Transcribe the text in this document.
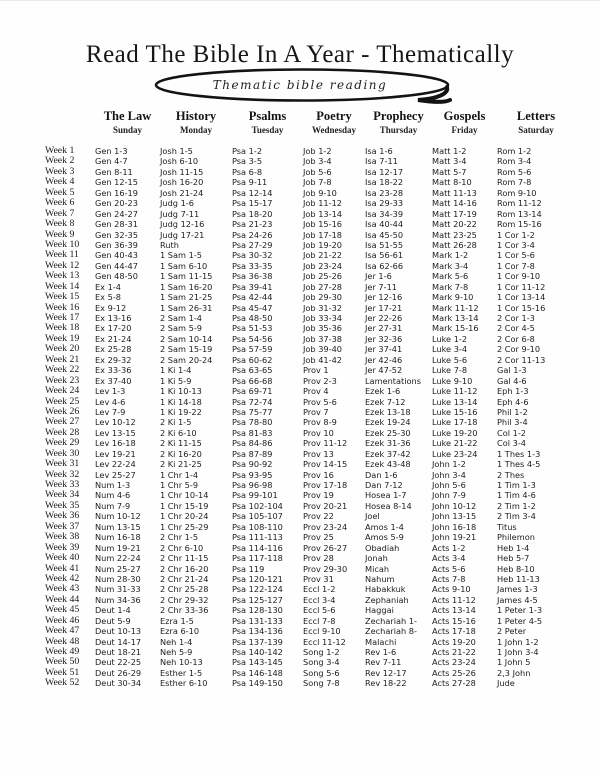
Read The Bible In A Year - Thematically
Thematic bible reading
The Law
Sunday
History
Monday
Psalms
Tuesday
Poetry
Wednesday
Prophecy
Thursday
Gospels
Friday
Letters
Saturday
Week 1	Gen 1-3	Josh 1-5	Psa 1-2	Job 1-2	Isa 1-6	Matt 1-2	Rom 1-2
Week 2	Gen 4-7	Josh 6-10	Psa 3-5	Job 3-4	Isa 7-11	Matt 3-4	Rom 3-4
Week 3	Gen 8-11	Josh 11-15	Psa 6-8	Job 5-6	Isa 12-17	Matt 5-7	Rom 5-6
Week 4	Gen 12-15	Josh 16-20	Psa 9-11	Job 7-8	Isa 18-22	Matt 8-10	Rom 7-8
Week 5	Gen 16-19	Josh 21-24	Psa 12-14	Job 9-10	Isa 23-28	Matt 11-13	Rom 9-10
Week 6	Gen 20-23	Judg 1-6	Psa 15-17	Job 11-12	Isa 29-33	Matt 14-16	Rom 11-12
Week 7	Gen 24-27	Judg 7-11	Psa 18-20	Job 13-14	Isa 34-39	Matt 17-19	Rom 13-14
Week 8	Gen 28-31	Judg 12-16	Psa 21-23	Job 15-16	Isa 40-44	Matt 20-22	Rom 15-16
Week 9	Gen 32-35	Judg 17-21	Psa 24-26	Job 17-18	Isa 45-50	Matt 23-25	1 Cor 1-2
Week 10	Gen 36-39	Ruth	Psa 27-29	Job 19-20	Isa 51-55	Matt 26-28	1 Cor 3-4
Week 11	Gen 40-43	1 Sam 1-5	Psa 30-32	Job 21-22	Isa 56-61	Mark 1-2	1 Cor 5-6
Week 12	Gen 44-47	1 Sam 6-10	Psa 33-35	Job 23-24	Isa 62-66	Mark 3-4	1 Cor 7-8
Week 13	Gen 48-50	1 Sam 11-15	Psa 36-38	Job 25-26	Jer 1-6	Mark 5-6	1 Cor 9-10
Week 14	Ex 1-4	1 Sam 16-20	Psa 39-41	Job 27-28	Jer 7-11	Mark 7-8	1 Cor 11-12
Week 15	Ex 5-8	1 Sam 21-25	Psa 42-44	Job 29-30	Jer 12-16	Mark 9-10	1 Cor 13-14
Week 16	Ex 9-12	1 Sam 26-31	Psa 45-47	Job 31-32	Jer 17-21	Mark 11-12	1 Cor 15-16
Week 17	Ex 13-16	2 Sam 1-4	Psa 48-50	Job 33-34	Jer 22-26	Mark 13-14	2 Cor 1-3
Week 18	Ex 17-20	2 Sam 5-9	Psa 51-53	Job 35-36	Jer 27-31	Mark 15-16	2 Cor 4-5
Week 19	Ex 21-24	2 Sam 10-14	Psa 54-56	Job 37-38	Jer 32-36	Luke 1-2	2 Cor 6-8
Week 20	Ex 25-28	2 Sam 15-19	Psa 57-59	Job 39-40	Jer 37-41	Luke 3-4	2 Cor 9-10
Week 21	Ex 29-32	2 Sam 20-24	Psa 60-62	Job 41-42	Jer 42-46	Luke 5-6	2 Cor 11-13
Week 22	Ex 33-36	1 Ki 1-4	Psa 63-65	Prov 1	Jer 47-52	Luke 7-8	Gal 1-3
Week 23	Ex 37-40	1 Ki 5-9	Psa 66-68	Prov 2-3	Lamentations	Luke 9-10	Gal 4-6
Week 24	Lev 1-3	1 Ki 10-13	Psa 69-71	Prov 4	Ezek 1-6	Luke 11-12	Eph 1-3
Week 25	Lev 4-6	1 Ki 14-18	Psa 72-74	Prov 5-6	Ezek 7-12	Luke 13-14	Eph 4-6
Week 26	Lev 7-9	1 Ki 19-22	Psa 75-77	Prov 7	Ezek 13-18	Luke 15-16	Phil 1-2
Week 27	Lev 10-12	2 Ki 1-5	Psa 78-80	Prov 8-9	Ezek 19-24	Luke 17-18	Phil 3-4
Week 28	Lev 13-15	2 Ki 6-10	Psa 81-83	Prov 10	Ezek 25-30	Luke 19-20	Col 1-2
Week 29	Lev 16-18	2 Ki 11-15	Psa 84-86	Prov 11-12	Ezek 31-36	Luke 21-22	Col 3-4
Week 30	Lev 19-21	2 Ki 16-20	Psa 87-89	Prov 13	Ezek 37-42	Luke 23-24	1 Thes 1-3
Week 31	Lev 22-24	2 Ki 21-25	Psa 90-92	Prov 14-15	Ezek 43-48	John 1-2	1 Thes 4-5
Week 32	Lev 25-27	1 Chr 1-4	Psa 93-95	Prov 16	Dan 1-6	John 3-4	2 Thes
Week 33	Num 1-3	1 Chr 5-9	Psa 96-98	Prov 17-18	Dan 7-12	John 5-6	1 Tim 1-3
Week 34	Num 4-6	1 Chr 10-14	Psa 99-101	Prov 19	Hosea 1-7	John 7-9	1 Tim 4-6
Week 35	Num 7-9	1 Chr 15-19	Psa 102-104	Prov 20-21	Hosea 8-14	John 10-12	2 Tim 1-2
Week 36	Num 10-12	1 Chr 20-24	Psa 105-107	Prov 22	Joel	John 13-15	2 Tim 3-4
Week 37	Num 13-15	1 Chr 25-29	Psa 108-110	Prov 23-24	Amos 1-4	John 16-18	Titus
Week 38	Num 16-18	2 Chr 1-5	Psa 111-113	Prov 25	Amos 5-9	John 19-21	Philemon
Week 39	Num 19-21	2 Chr 6-10	Psa 114-116	Prov 26-27	Obadiah	Acts 1-2	Heb 1-4
Week 40	Num 22-24	2 Chr 11-15	Psa 117-118	Prov 28	Jonah	Acts 3-4	Heb 5-7
Week 41	Num 25-27	2 Chr 16-20	Psa 119	Prov 29-30	Micah	Acts 5-6	Heb 8-10
Week 42	Num 28-30	2 Chr 21-24	Psa 120-121	Prov 31	Nahum	Acts 7-8	Heb 11-13
Week 43	Num 31-33	2 Chr 25-28	Psa 122-124	Eccl 1-2	Habakkuk	Acts 9-10	James 1-3
Week 44	Num 34-36	2 Chr 29-32	Psa 125-127	Eccl 3-4	Zephaniah	Acts 11-12	James 4-5
Week 45	Deut 1-4	2 Chr 33-36	Psa 128-130	Eccl 5-6	Haggai	Acts 13-14	1 Peter 1-3
Week 46	Deut 5-9	Ezra 1-5	Psa 131-133	Eccl 7-8	Zechariah 1-	Acts 15-16	1 Peter 4-5
Week 47	Deut 10-13	Ezra 6-10	Psa 134-136	Eccl 9-10	Zechariah 8-	Acts 17-18	2 Peter
Week 48	Deut 14-17	Neh 1-4	Psa 137-139	Eccl 11-12	Malachi	Acts 19-20	1 John 1-2
Week 49	Deut 18-21	Neh 5-9	Psa 140-142	Song 1-2	Rev 1-6	Acts 21-22	1 John 3-4
Week 50	Deut 22-25	Neh 10-13	Psa 143-145	Song 3-4	Rev 7-11	Acts 23-24	1 John 5
Week 51	Deut 26-29	Esther 1-5	Psa 146-148	Song 5-6	Rev 12-17	Acts 25-26	2,3 John
Week 52	Deut 30-34	Esther 6-10	Psa 149-150	Song 7-8	Rev 18-22	Acts 27-28	Jude
